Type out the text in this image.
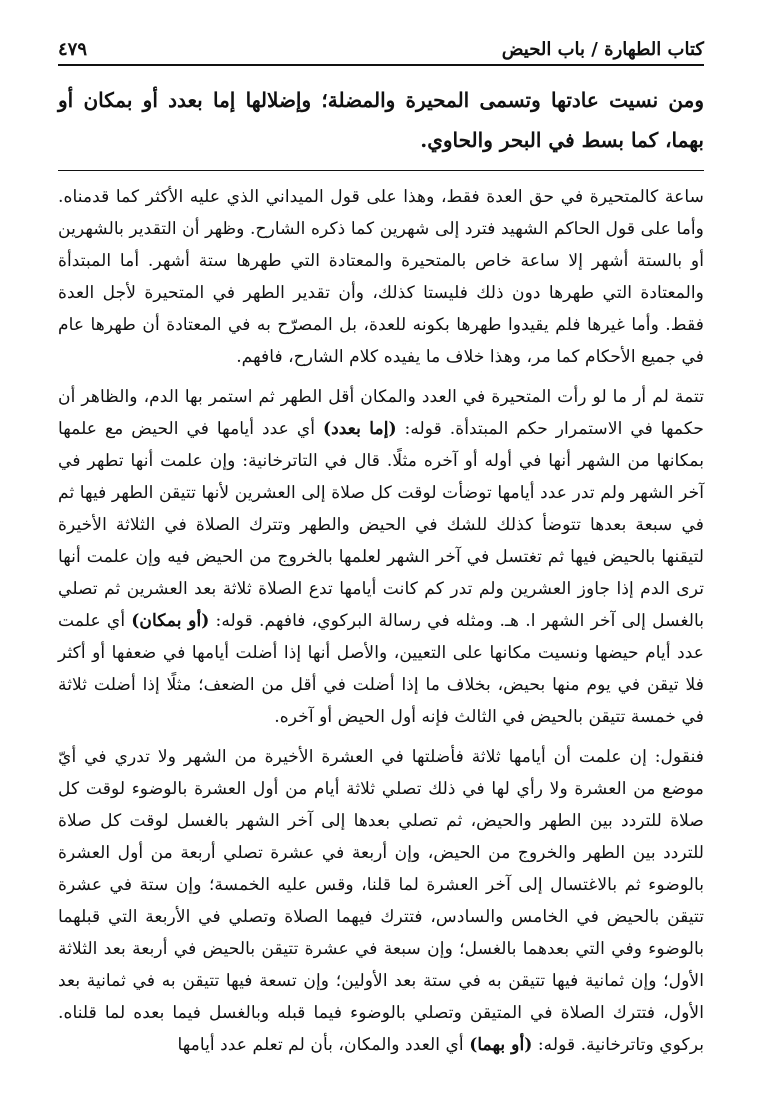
كتاب الطهارة / باب الحيض
٤٧٩
ومن نسيت عادتها وتسمى المحيرة والمضلة؛ وإضلالها إما بعدد أو بمكان أو بهما، كما بسط في البحر والحاوي.

ساعة كالمتحيرة في حق العدة فقط، وهذا على قول الميداني الذي عليه الأكثر كما قدمناه. وأما على قول الحاكم الشهيد فترد إلى شهرين كما ذكره الشارح. وظهر أن التقدير بالشهرين أو بالستة أشهر إلا ساعة خاص بالمتحيرة والمعتادة التي طهرها ستة أشهر. أما المبتدأة والمعتادة التي طهرها دون ذلك فليستا كذلك، وأن تقدير الطهر في المتحيرة لأجل العدة فقط. وأما غيرها فلم يقيدوا طهرها بكونه للعدة، بل المصرّح به في المعتادة أن طهرها عام في جميع الأحكام كما مر، وهذا خلاف ما يفيده كلام الشارح، فافهم.

تتمة لم أر ما لو رأت المتحيرة في العدد والمكان أقل الطهر ثم استمر بها الدم، والظاهر أن حكمها في الاستمرار حكم المبتدأة. قوله: (إما بعدد) أي عدد أيامها في الحيض مع علمها بمكانها من الشهر أنها في أوله أو آخره مثلًا. قال في التاترخانية: وإن علمت أنها تطهر في آخر الشهر ولم تدر عدد أيامها توضأت لوقت كل صلاة إلى العشرين لأنها تتيقن الطهر فيها ثم في سبعة بعدها تتوضأ كذلك للشك في الحيض والطهر وتترك الصلاة في الثلاثة الأخيرة لتيقنها بالحيض فيها ثم تغتسل في آخر الشهر لعلمها بالخروج من الحيض فيه وإن علمت أنها ترى الدم إذا جاوز العشرين ولم تدر كم كانت أيامها تدع الصلاة ثلاثة بعد العشرين ثم تصلي بالغسل إلى آخر الشهر ا. هـ. ومثله في رسالة البركوي، فافهم. قوله: (أو بمكان) أي علمت عدد أيام حيضها ونسيت مكانها على التعيين، والأصل أنها إذا أضلت أيامها في ضعفها أو أكثر فلا تيقن في يوم منها بحيض، بخلاف ما إذا أضلت في أقل من الضعف؛ مثلًا إذا أضلت ثلاثة في خمسة تتيقن بالحيض في الثالث فإنه أول الحيض أو آخره.

فنقول: إن علمت أن أيامها ثلاثة فأضلتها في العشرة الأخيرة من الشهر ولا تدري في أيّ موضع من العشرة ولا رأي لها في ذلك تصلي ثلاثة أيام من أول العشرة بالوضوء لوقت كل صلاة للتردد بين الطهر والحيض، ثم تصلي بعدها إلى آخر الشهر بالغسل لوقت كل صلاة للتردد بين الطهر والخروج من الحيض، وإن أربعة في عشرة تصلي أربعة من أول العشرة بالوضوء ثم بالاغتسال إلى آخر العشرة لما قلنا، وقس عليه الخمسة؛ وإن ستة في عشرة تتيقن بالحيض في الخامس والسادس، فتترك فيهما الصلاة وتصلي في الأربعة التي قبلهما بالوضوء وفي التي بعدهما بالغسل؛ وإن سبعة في عشرة تتيقن بالحيض في أربعة بعد الثلاثة الأول؛ وإن ثمانية فيها تتيقن به في ستة بعد الأولين؛ وإن تسعة فيها تتيقن به في ثمانية بعد الأول، فتترك الصلاة في المتيقن وتصلي بالوضوء فيما قبله وبالغسل فيما بعده لما قلناه. بركوي وتاترخانية. قوله: (أو بهما) أي العدد والمكان، بأن لم تعلم عدد أيامها
